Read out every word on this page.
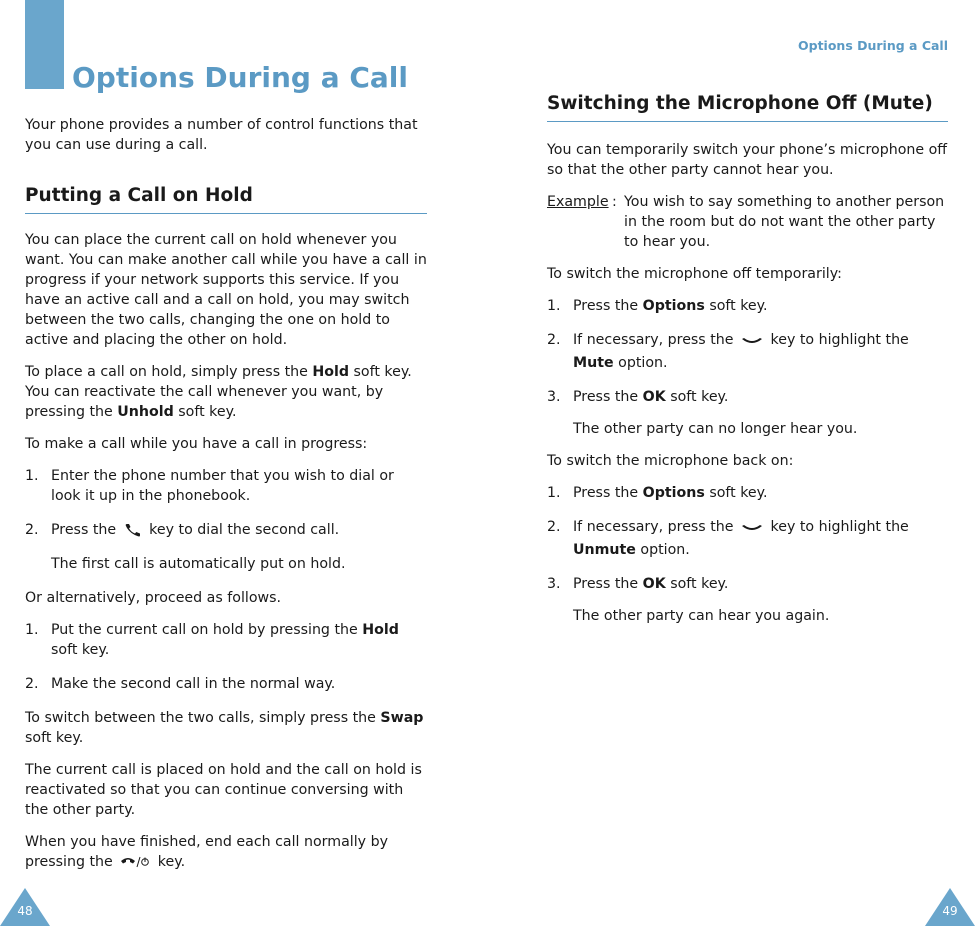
Options During a Call

Your phone provides a number of control functions that you can use during a call.

Putting a Call on Hold

You can place the current call on hold whenever you want. You can make another call while you have a call in progress if your network supports this service. If you have an active call and a call on hold, you may switch between the two calls, changing the one on hold to active and placing the other on hold.

To place a call on hold, simply press the Hold soft key. You can reactivate the call whenever you want, by pressing the Unhold soft key.

To make a call while you have a call in progress:

1. Enter the phone number that you wish to dial or look it up in the phonebook.
2. Press the  key to dial the second call.
The first call is automatically put on hold.

Or alternatively, proceed as follows.

1. Put the current call on hold by pressing the Hold soft key.
2. Make the second call in the normal way.

To switch between the two calls, simply press the Swap soft key.

The current call is placed on hold and the call on hold is reactivated so that you can continue conversing with the other party.

When you have finished, end each call normally by pressing the	key.

48
Options During a Call
Switching the Microphone Off (Mute)

You can temporarily switch your phone’s microphone off so that the other party cannot hear you.

Example : You wish to say something to another person in the room but do not want the other party to hear you.

To switch the microphone off temporarily:

1. Press the Options soft key.
2. If necessary, press the  key to highlight the Mute option.
3. Press the OK soft key.

The other party can no longer hear you.

To switch the microphone back on:

1. Press the Options soft key.
2. If necessary, press the  key to highlight the Unmute option.
3. Press the OK soft key.

The other party can hear you again.

49
